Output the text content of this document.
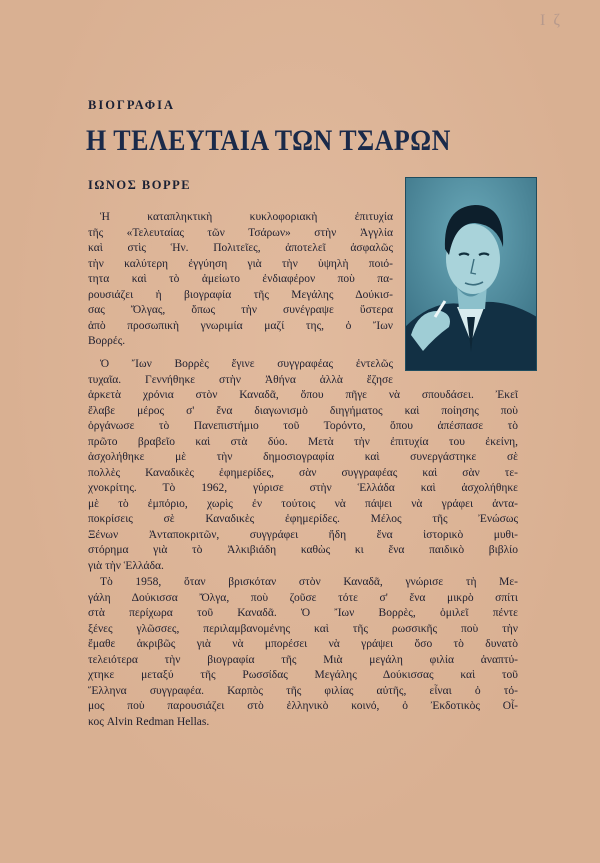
Ι ζ
ΒΙΟΓΡΑΦΙΑ
Η ΤΕΛΕΥΤΑΙΑ ΤΩΝ ΤΣΑΡΩΝ
ΙΩΝΟΣ ΒΟΡΡΕ
Ἡ καταπληκτικὴ κυκλοφοριακὴ ἐπιτυχία
τῆς «Τελευταίας τῶν Τσάρων» στὴν Ἀγγλία
καὶ στὶς Ἡν. Πολιτεῖες, ἀποτελεῖ ἀσφαλῶς
τὴν καλύτερη ἐγγύηση γιὰ τὴν ὑψηλὴ ποιό-
τητα καὶ τὸ ἀμείωτο ἐνδιαφέρον ποὺ πα-
ρουσιάζει ἡ βιογραφία τῆς Μεγάλης Δούκισ-
σας Ὄλγας, ὅπως τὴν συνέγραψε ὕστερα
ἀπὸ προσωπικὴ γνωριμία μαζί της, ὁ Ἴων
Βορρές.
Ὁ Ἴων Βορρὲς ἔγινε συγγραφέας ἐντελῶς
τυχαῖα. Γεννήθηκε στὴν Ἀθήνα ἀλλὰ ἔζησε
ἀρκετὰ χρόνια στὸν Καναδᾶ, ὅπου πῆγε νὰ σπουδάσει. Ἐκεῖ
ἔλαβε μέρος σ' ἕνα διαγωνισμὸ διηγήματος καὶ ποίησης ποὺ
ὀργάνωσε τὸ Πανεπιστήμιο τοῦ Τορόντο, ὅπου ἀπέσπασε τὸ
πρῶτο βραβεῖο καὶ στὰ δύο. Μετὰ τὴν ἐπιτυχία του ἐκείνη,
ἀσχολήθηκε μὲ τὴν δημοσιογραφία καὶ συνεργάστηκε σὲ
πολλὲς Καναδικὲς ἐφημερίδες, σὰν συγγραφέας καὶ σὰν τε-
χνοκρίτης. Τὸ 1962, γύρισε στὴν Ἑλλάδα καὶ ἀσχολήθηκε
μὲ τὸ ἐμπόριο, χωρὶς ἐν τούτοις νὰ πάψει νὰ γράφει ἀντα-
ποκρίσεις σὲ Καναδικὲς ἐφημερίδες. Μέλος τῆς Ἐνώσως
Ξένων Ἀνταποκριτῶν, συγγράφει ἤδη ἕνα ἱστορικὸ μυθι-
στόρημα γιὰ τὸ Ἀλκιβιάδη καθὼς κι ἕνα παιδικὸ βιβλίο
γιὰ τὴν Ἑλλάδα.
Τὸ 1958, ὅταν βρισκόταν στὸν Καναδᾶ, γνώρισε τὴ Με-
γάλη Δούκισσα Ὄλγα, ποὺ ζοῦσε τότε σ' ἕνα μικρὸ σπίτι
στὰ περίχωρα τοῦ Καναδᾶ. Ὁ Ἴων Βορρὲς, ὁμιλεῖ πέντε
ξένες γλῶσσες, περιλαμβανομένης καὶ τῆς ρωσσικῆς ποὺ τὴν
ἔμαθε ἀκριβῶς γιὰ νὰ μπορέσει νὰ γράψει ὅσο τὸ δυνατὸ
τελειότερα τὴν βιογραφία τῆς Μιὰ μεγάλη φιλία ἀναπτύ-
χτηκε μεταξύ τῆς Ρωσσίδας Μεγάλης Δούκισσας καὶ τοῦ
Ἕλληνα συγγραφέα. Καρπὸς τῆς φιλίας αὐτῆς, εἶναι ὁ τό-
μος ποὺ παρουσιάζει στὸ ἑλληνικὸ κοινό, ὁ Ἐκδοτικὸς Οἶ-
κος Alvin Redman Hellas.
